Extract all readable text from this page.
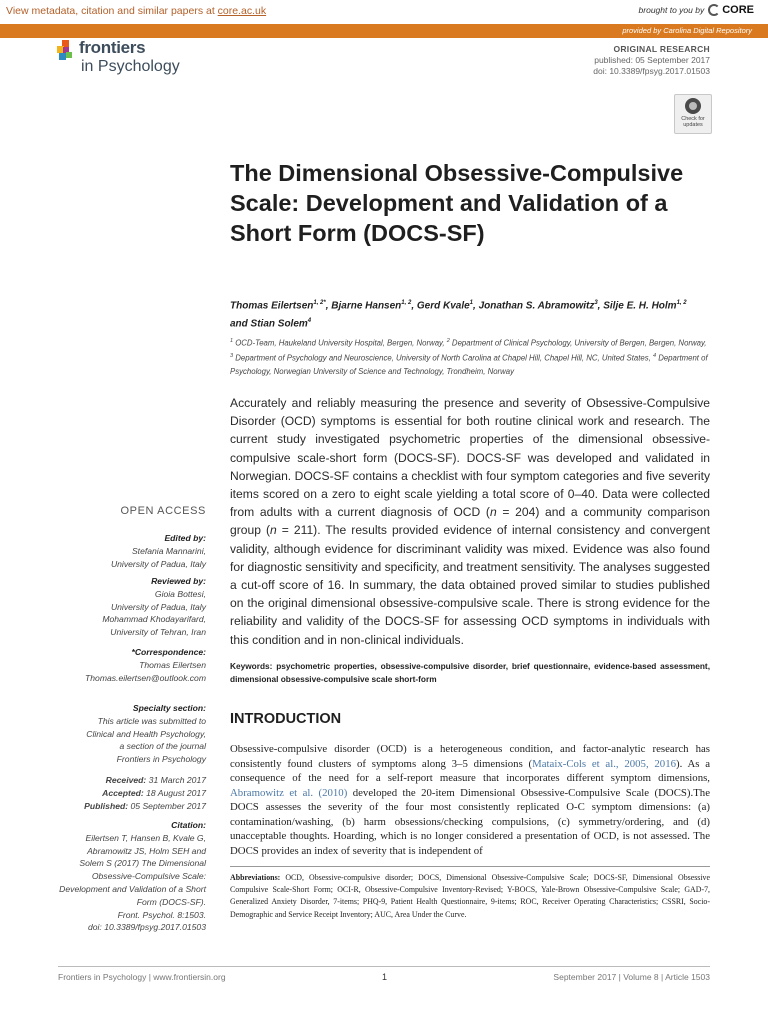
View metadata, citation and similar papers at core.ac.uk	brought to you by CORE
provided by Carolina Digital Repository
frontiers
in Psychology
ORIGINAL RESEARCH
published: 05 September 2017
doi: 10.3389/fpsyg.2017.01503
Check for
updates
The Dimensional Obsessive-Compulsive Scale: Development and Validation of a Short Form (DOCS-SF)
Thomas Eilertsen$^{1, 2*}$, Bjarne Hansen$^{1, 2}$, Gerd Kvale$^1$, Jonathan S. Abramowitz$^3$, Silje E. H. Holm$^{1, 2}$ and Stian Solem$^4$
$^1$ OCD-Team, Haukeland University Hospital, Bergen, Norway, $^2$ Department of Clinical Psychology, University of Bergen, Bergen, Norway, $^3$ Department of Psychology and Neuroscience, University of North Carolina at Chapel Hill, Chapel Hill, NC, United States, $^4$ Department of Psychology, Norwegian University of Science and Technology, Trondheim, Norway
Accurately and reliably measuring the presence and severity of Obsessive-Compulsive Disorder (OCD) symptoms is essential for both routine clinical work and research. The current study investigated psychometric properties of the dimensional obsessive-compulsive scale-short form (DOCS-SF). DOCS-SF was developed and validated in Norwegian. DOCS-SF contains a checklist with four symptom categories and five severity items scored on a zero to eight scale yielding a total score of 0–40. Data were collected from adults with a current diagnosis of OCD (n = 204) and a community comparison group (n = 211). The results provided evidence of internal consistency and convergent validity, although evidence for discriminant validity was mixed. Evidence was also found for diagnostic sensitivity and specificity, and treatment sensitivity. The analyses suggested a cut-off score of 16. In summary, the data obtained proved similar to studies published on the original dimensional obsessive-compulsive scale. There is strong evidence for the reliability and validity of the DOCS-SF for assessing OCD symptoms in individuals with this condition and in non-clinical individuals.
Keywords: psychometric properties, obsessive-compulsive disorder, brief questionnaire, evidence-based assessment, dimensional obsessive-compulsive scale short-form
INTRODUCTION
Obsessive-compulsive disorder (OCD) is a heterogeneous condition, and factor-analytic research has consistently found clusters of symptoms along 3–5 dimensions (Mataix-Cols et al., 2005, 2016). As a consequence of the need for a self-report measure that incorporates different symptom dimensions, Abramowitz et al. (2010) developed the 20-item Dimensional Obsessive-Compulsive Scale (DOCS).The DOCS assesses the severity of the four most consistently replicated O-C symptom dimensions: (a) contamination/washing, (b) harm obsessions/checking compulsions, (c) symmetry/ordering, and (d) unacceptable thoughts. Hoarding, which is no longer considered a presentation of OCD, is not assessed. The DOCS provides an index of severity that is independent of
Abbreviations: OCD, Obsessive-compulsive disorder; DOCS, Dimensional Obsessive-Compulsive Scale; DOCS-SF, Dimensional Obsessive Compulsive Scale-Short Form; OCI-R, Obsessive-Compulsive Inventory-Revised; Y-BOCS, Yale-Brown Obsessive-Compulsive Scale; GAD-7, Generalized Anxiety Disorder, 7-items; PHQ-9, Patient Health Questionnaire, 9-items; ROC, Receiver Operating Characteristics; CSSRI, Socio-Demographic and Service Receipt Inventory; AUC, Area Under the Curve.
OPEN ACCESS
Edited by:
Stefania Mannarini,
University of Padua, Italy
Reviewed by:
Gioia Bottesi,
University of Padua, Italy
Mohammad Khodayarifard,
University of Tehran, Iran
*Correspondence:
Thomas Eilertsen
Thomas.eilertsen@outlook.com
Specialty section:
This article was submitted to
Clinical and Health Psychology,
a section of the journal
Frontiers in Psychology
Received: 31 March 2017
Accepted: 18 August 2017
Published: 05 September 2017
Citation:
Eilertsen T, Hansen B, Kvale G,
Abramowitz JS, Holm SEH and
Solem S (2017) The Dimensional
Obsessive-Compulsive Scale:
Development and Validation of a Short
Form (DOCS-SF).
Front. Psychol. 8:1503.
doi: 10.3389/fpsyg.2017.01503
Frontiers in Psychology | www.frontiersin.org	1	September 2017 | Volume 8 | Article 1503
